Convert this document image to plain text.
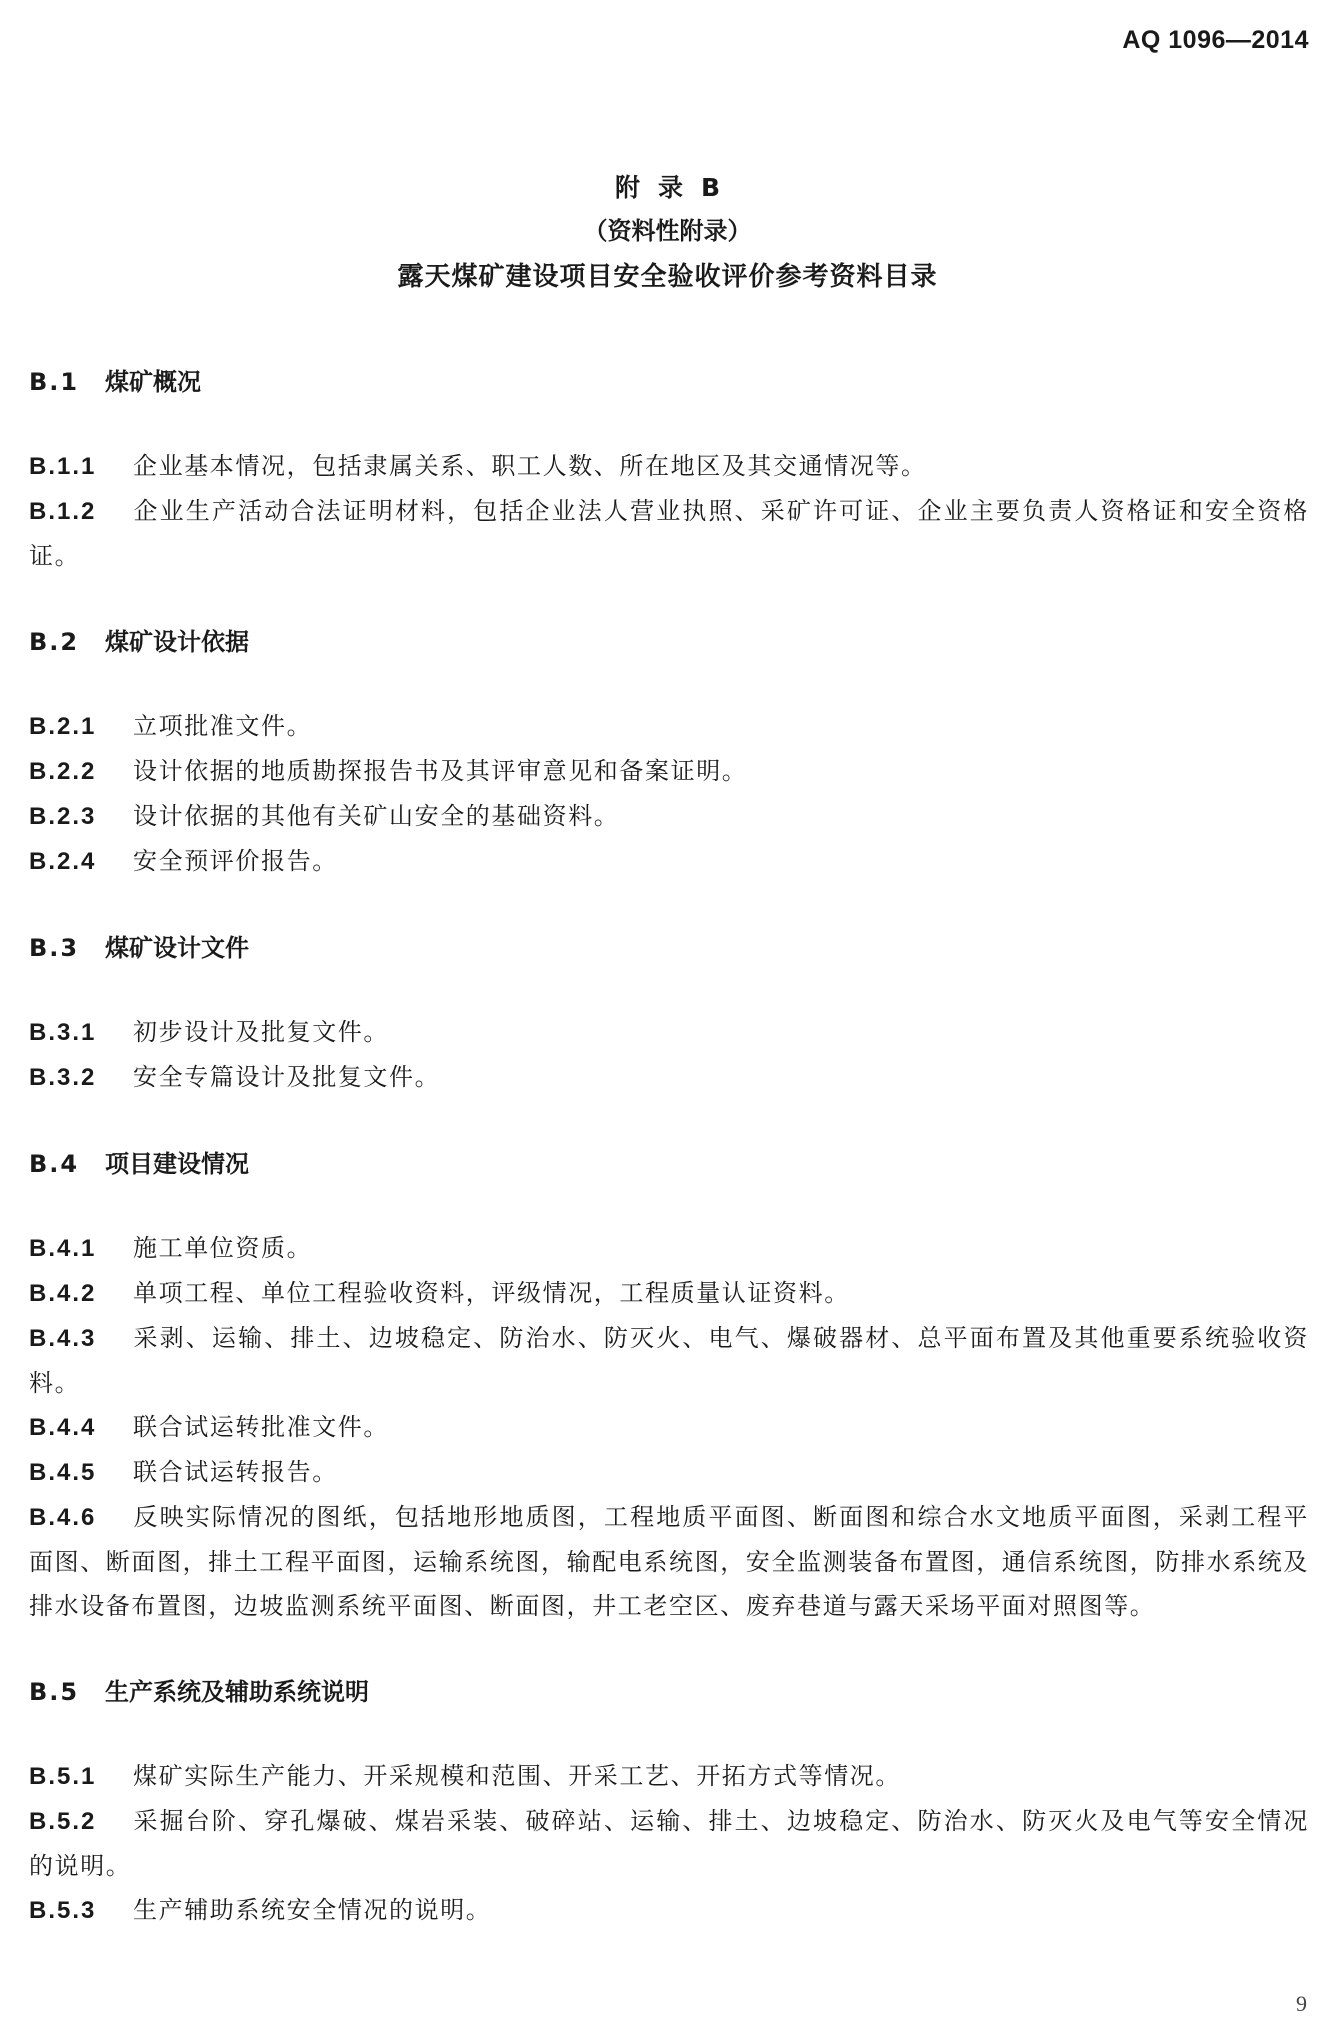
AQ 1096—2014
附录B
（资料性附录）
露天煤矿建设项目安全验收评价参考资料目录
B.1 煤矿概况
B.1.1 企业基本情况，包括隶属关系、职工人数、所在地区及其交通情况等。
B.1.2 企业生产活动合法证明材料，包括企业法人营业执照、采矿许可证、企业主要负责人资格证和安全资格证。
B.2 煤矿设计依据
B.2.1 立项批准文件。
B.2.2 设计依据的地质勘探报告书及其评审意见和备案证明。
B.2.3 设计依据的其他有关矿山安全的基础资料。
B.2.4 安全预评价报告。
B.3 煤矿设计文件
B.3.1 初步设计及批复文件。
B.3.2 安全专篇设计及批复文件。
B.4 项目建设情况
B.4.1 施工单位资质。
B.4.2 单项工程、单位工程验收资料，评级情况，工程质量认证资料。
B.4.3 采剥、运输、排土、边坡稳定、防治水、防灭火、电气、爆破器材、总平面布置及其他重要系统验收资料。
B.4.4 联合试运转批准文件。
B.4.5 联合试运转报告。
B.4.6 反映实际情况的图纸，包括地形地质图，工程地质平面图、断面图和综合水文地质平面图，采剥工程平面图、断面图，排土工程平面图，运输系统图，输配电系统图，安全监测装备布置图，通信系统图，防排水系统及排水设备布置图，边坡监测系统平面图、断面图，井工老空区、废弃巷道与露天采场平面对照图等。
B.5 生产系统及辅助系统说明
B.5.1 煤矿实际生产能力、开采规模和范围、开采工艺、开拓方式等情况。
B.5.2 采掘台阶、穿孔爆破、煤岩采装、破碎站、运输、排土、边坡稳定、防治水、防灭火及电气等安全情况的说明。
B.5.3 生产辅助系统安全情况的说明。
9
